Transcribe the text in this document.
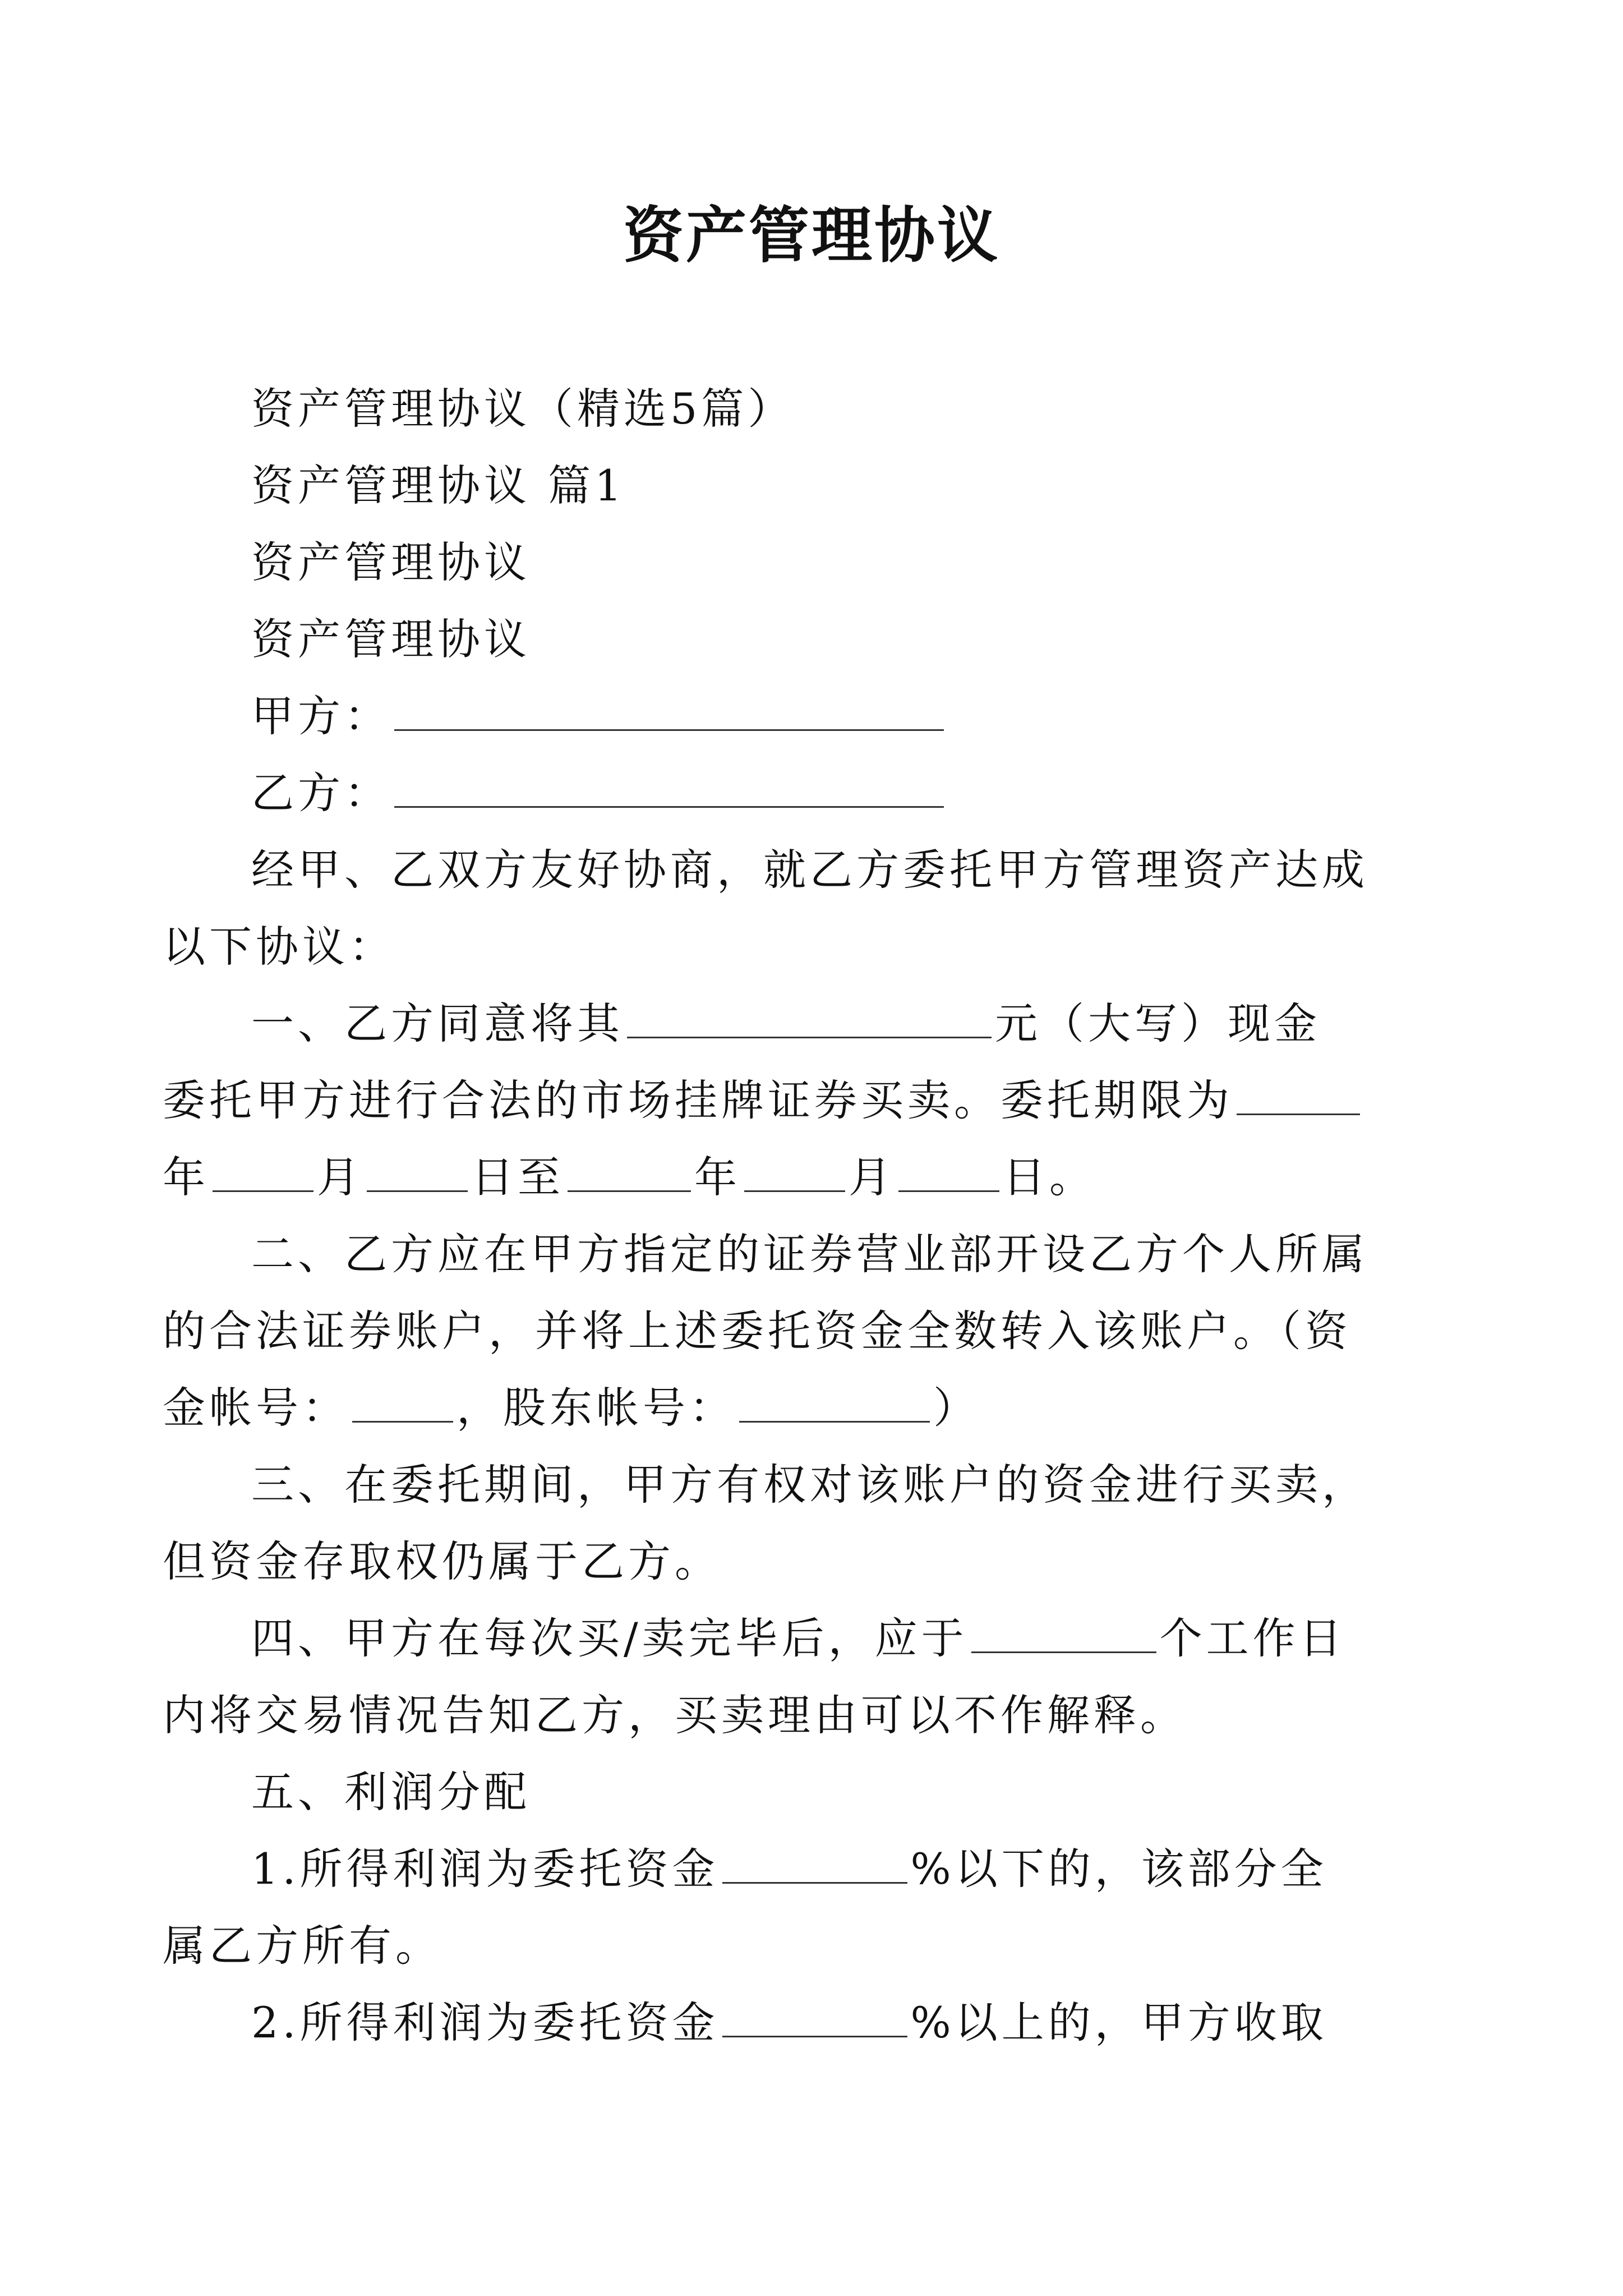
资产管理协议
资产管理协议（精选5篇）
资产管理协议 篇1
资产管理协议
资产管理协议
甲方：
乙方：
经甲、乙双方友好协商，就乙方委托甲方管理资产达成
以下协议：
一、乙方同意将其	元（大写）现金
委托甲方进行合法的市场挂牌证券买卖。委托期限为
年	月	日至	年	月	日。
二、乙方应在甲方指定的证券营业部开设乙方个人所属
的合法证券账户，并将上述委托资金全数转入该账户。（资
金帐号：	，股东帐号：	）
三、在委托期间，甲方有权对该账户的资金进行买卖，
但资金存取权仍属于乙方。
四、甲方在每次买/卖完毕后，应于	个工作日
内将交易情况告知乙方，买卖理由可以不作解释。
五、利润分配
1.所得利润为委托资金	%以下的，该部分全
属乙方所有。
2.所得利润为委托资金	%以上的，甲方收取
